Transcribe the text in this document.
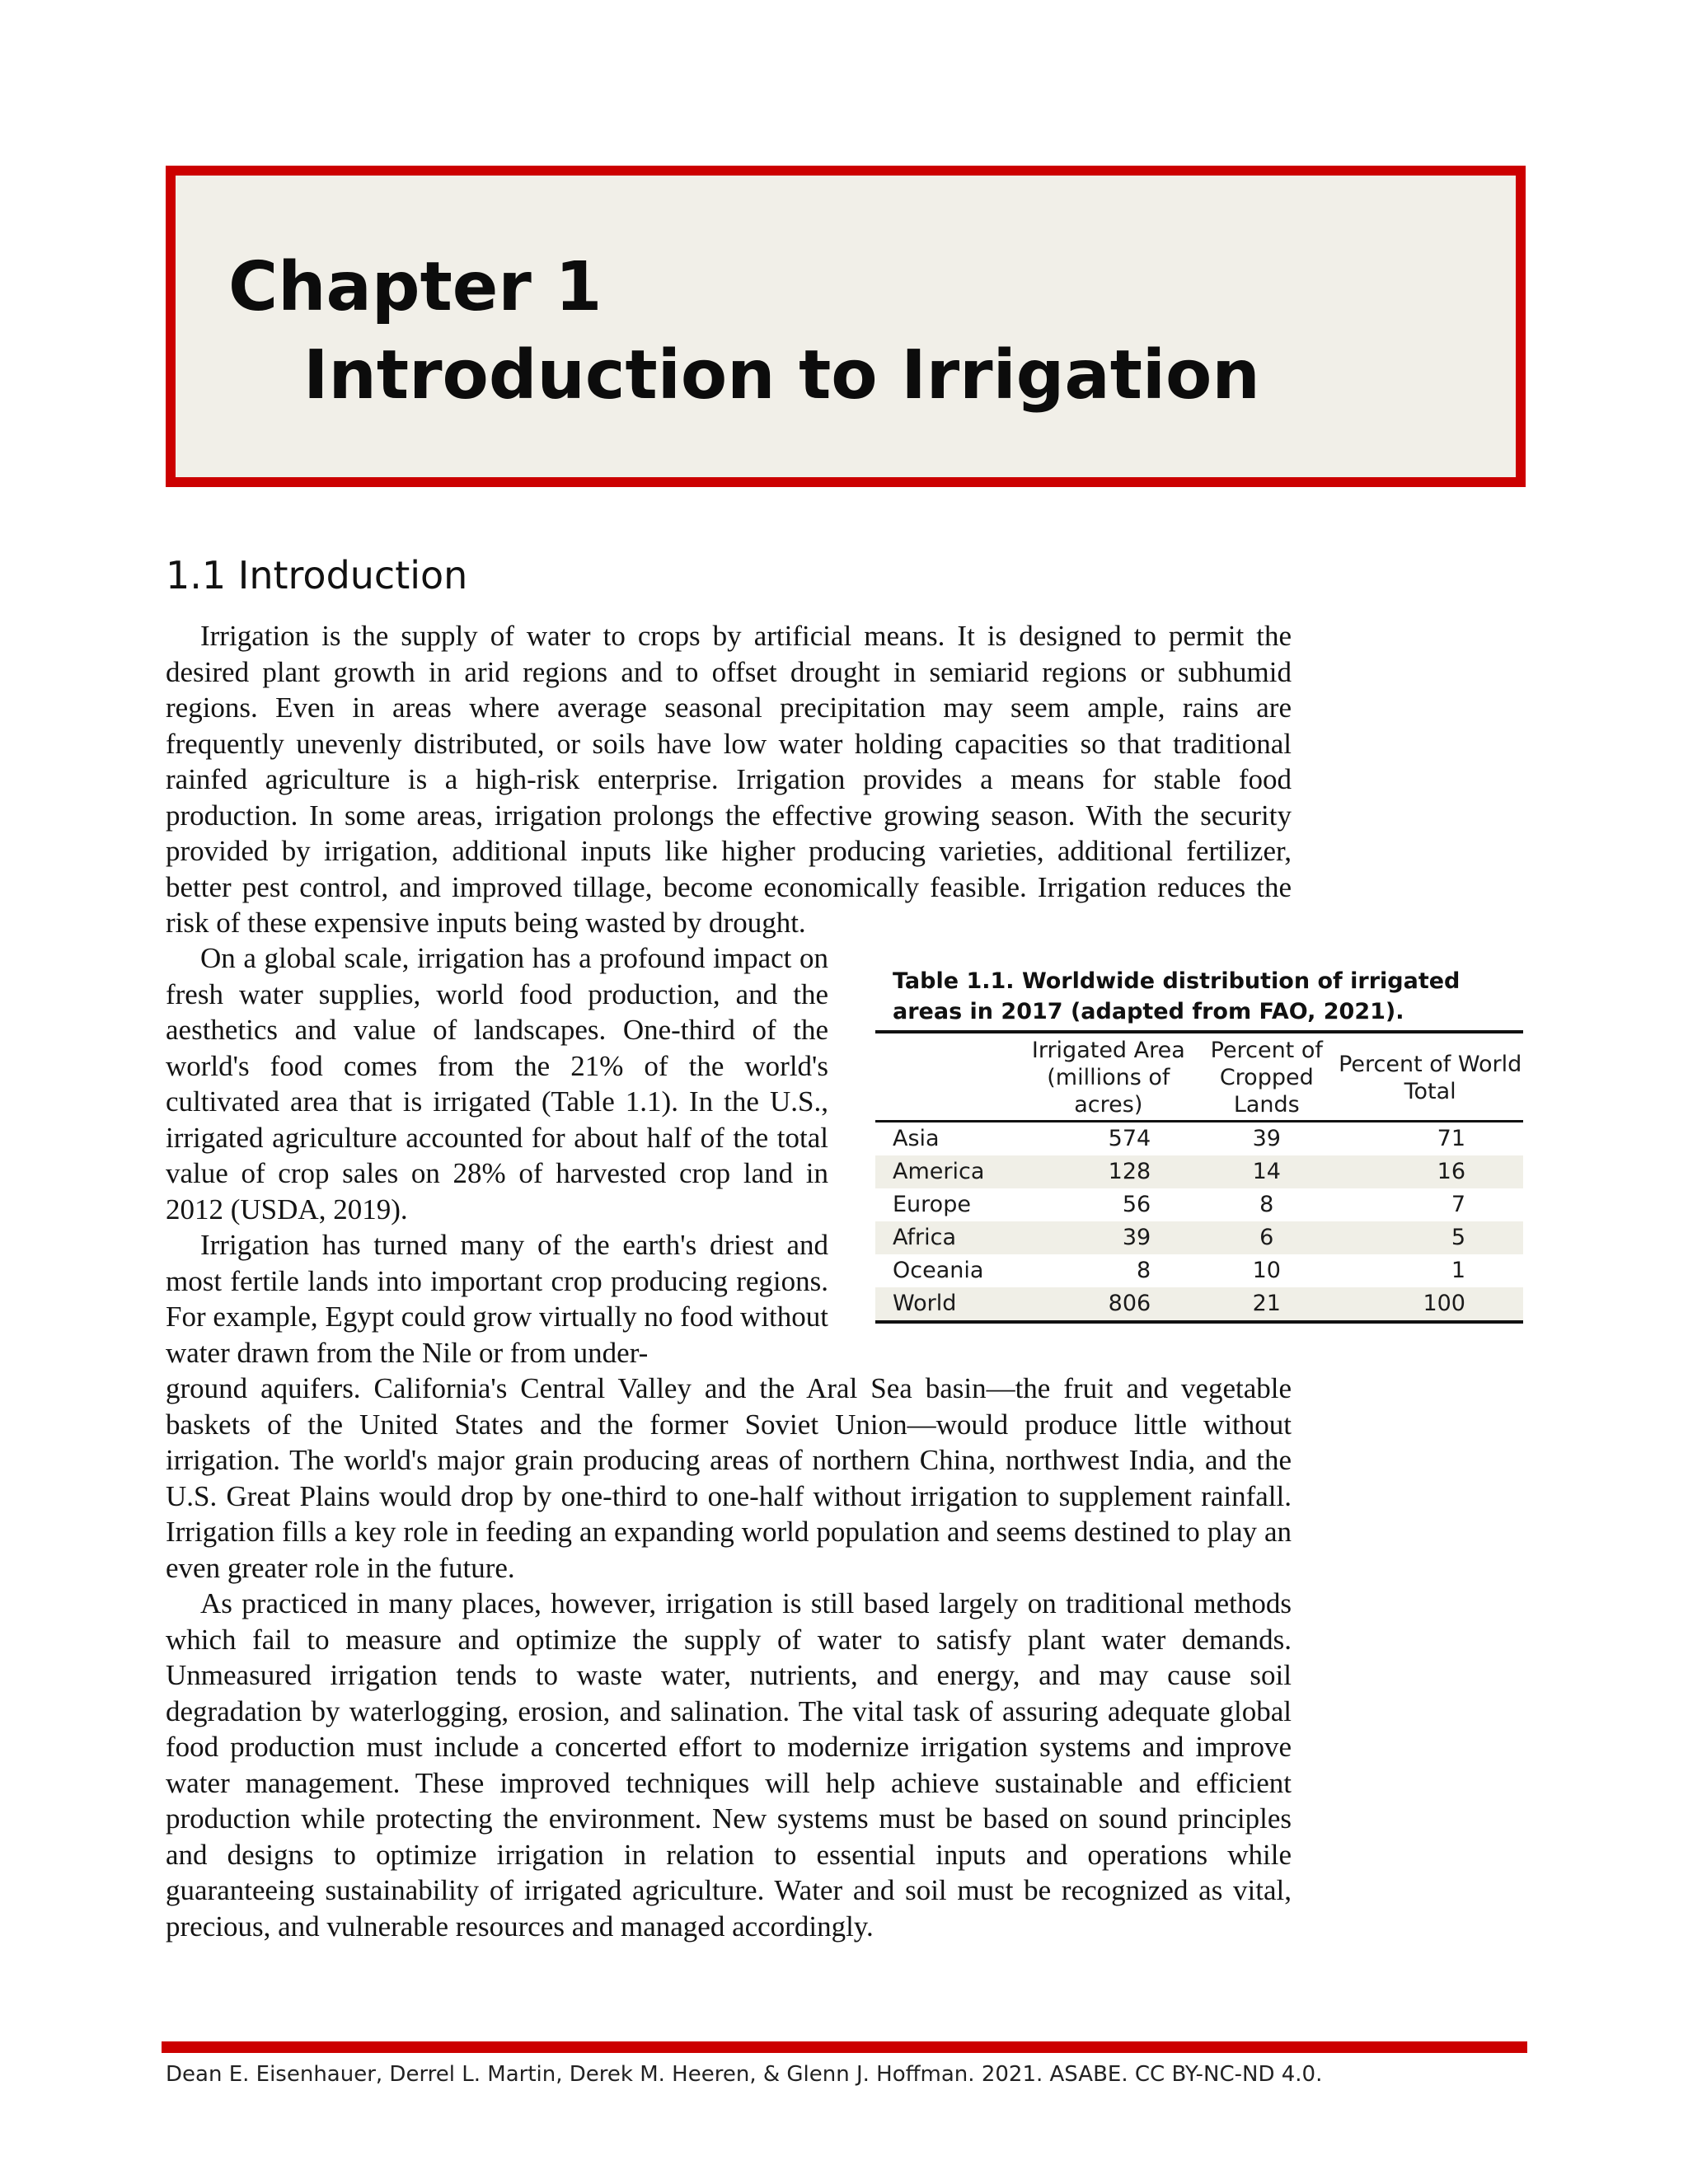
Chapter 1
Introduction to Irrigation
1.1 Introduction

Irrigation is the supply of water to crops by artificial means. It is designed to permit the desired plant growth in arid regions and to offset drought in semiarid regions or subhumid regions. Even in areas where average seasonal precipitation may seem ample, rains are frequently unevenly distributed, or soils have low water holding capacities so that traditional rainfed agriculture is a high-risk enterprise. Irrigation provides a means for stable food production. In some areas, irrigation prolongs the effective growing season. With the security provided by irrigation, additional inputs like higher producing varieties, additional fertilizer, better pest control, and improved tillage, become economically feasible. Irrigation reduces the risk of these expensive inputs being wasted by drought.

On a global scale, irrigation has a profound impact on fresh water supplies, world food production, and the aesthetics and value of landscapes. One-third of the world's food comes from the 21% of the world's cultivated area that is irrigated (Table 1.1). In the U.S., irrigated agriculture accounted for about half of the total value of crop sales on 28% of harvested crop land in 2012 (USDA, 2019).

Irrigation has turned many of the earth's driest and most fertile lands into important crop producing regions. For example, Egypt could grow virtually no food without water drawn from the Nile or from under-

ground aquifers. California's Central Valley and the Aral Sea basin—the fruit and vegetable baskets of the United States and the former Soviet Union—would produce little without irrigation. The world's major grain producing areas of northern China, northwest India, and the U.S. Great Plains would drop by one-third to one-half without irrigation to supplement rainfall. Irrigation fills a key role in feeding an expanding world population and seems destined to play an even greater role in the future.

As practiced in many places, however, irrigation is still based largely on traditional methods which fail to measure and optimize the supply of water to satisfy plant water demands. Unmeasured irrigation tends to waste water, nutrients, and energy, and may cause soil degradation by waterlogging, erosion, and salination. The vital task of assuring adequate global food production must include a concerted effort to modernize irrigation systems and improve water management. These improved techniques will help achieve sustainable and efficient production while protecting the environment. New systems must be based on sound principles and designs to optimize irrigation in relation to essential inputs and operations while guaranteeing sustainability of irrigated agriculture. Water and soil must be recognized as vital, precious, and vulnerable resources and managed accordingly.

Table 1.1. Worldwide distribution of irrigated areas in 2017 (adapted from FAO, 2021).

	Irrigated Area (millions of acres)	Percent of Cropped Lands	Percent of World Total
Asia	574	39	71
America	128	14	16
Europe	56	8	7
Africa	39	6	5
Oceania	8	10	1
World	806	21	100
Dean E. Eisenhauer, Derrel L. Martin, Derek M. Heeren, & Glenn J. Hoffman. 2021. ASABE. CC BY-NC-ND 4.0.
